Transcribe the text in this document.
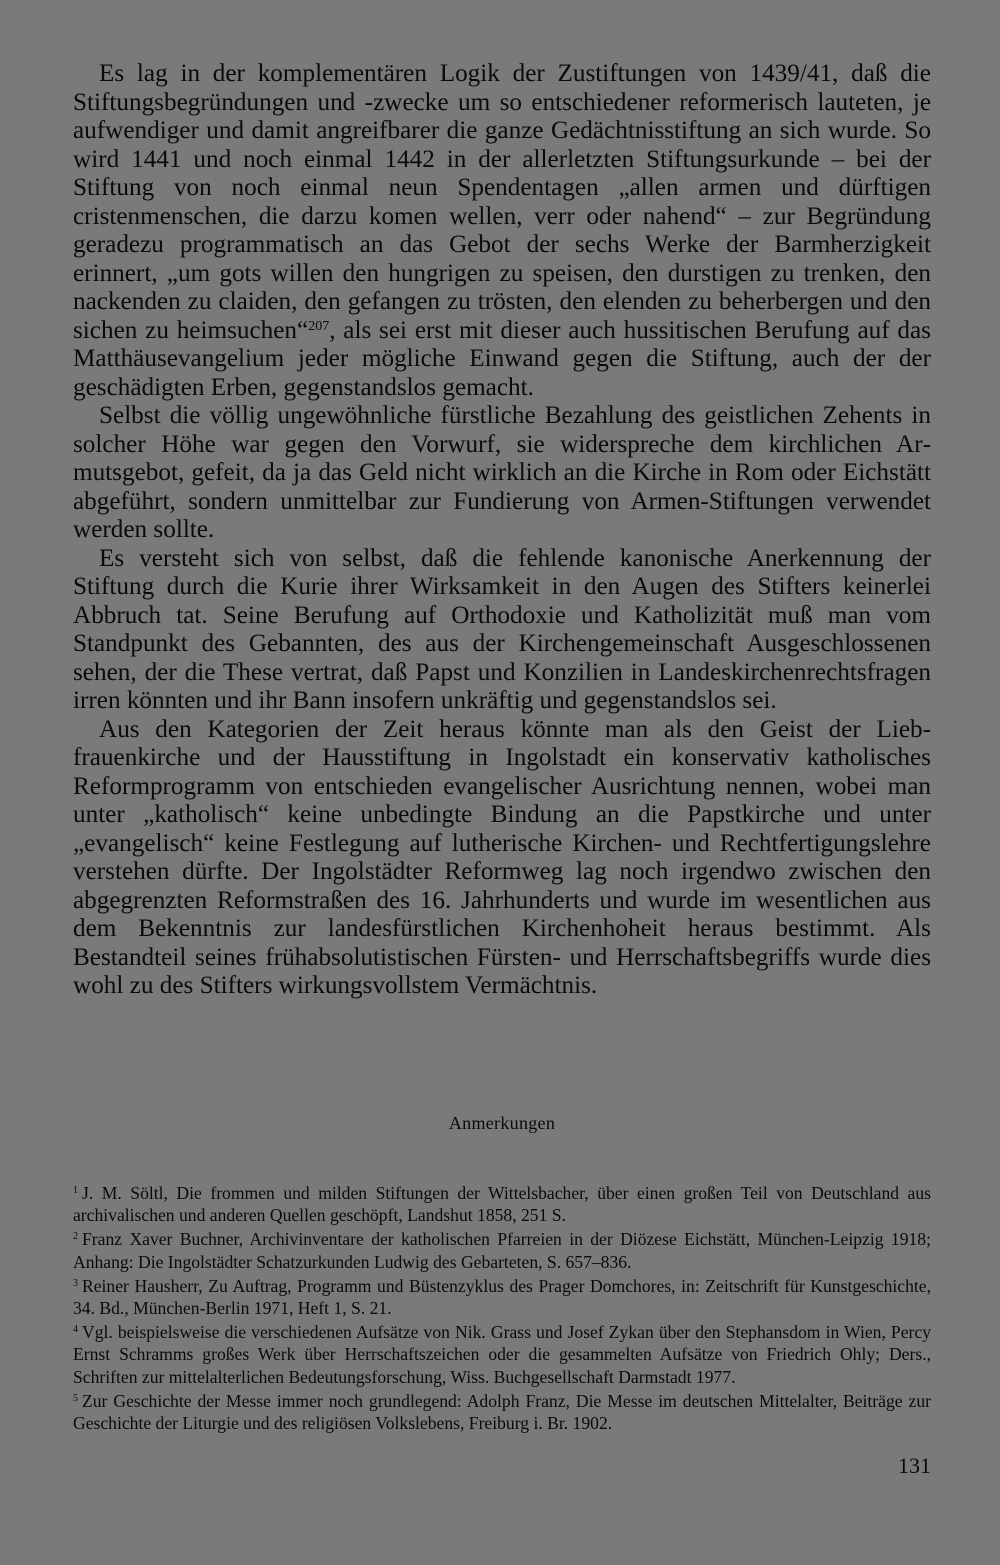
Es lag in der komplementären Logik der Zustiftungen von 1439/41, daß die Stiftungsbegründungen und -zwecke um so entschiedener reformerisch lauteten, je aufwendiger und damit angreifbarer die ganze Gedächtnisstiftung an sich wurde. So wird 1441 und noch einmal 1442 in der allerletzten Stiftungsurkunde – bei der Stiftung von noch einmal neun Spendentagen „allen armen und dürftigen cristenmenschen, die darzu komen wellen, verr oder nahend“ – zur Begründung geradezu programmatisch an das Gebot der sechs Werke der Barmherzigkeit erinnert, „um gots willen den hungrigen zu speisen, den durstigen zu trenken, den nackenden zu claiden, den gefangen zu trösten, den elenden zu beherbergen und den sichen zu heimsuchen“$^{207}$, als sei erst mit dieser auch hussitischen Berufung auf das Matthäusevangelium jeder mögliche Einwand gegen die Stiftung, auch der der geschädigten Erben, gegenstandslos gemacht.

Selbst die völlig ungewöhnliche fürstliche Bezahlung des geistlichen Zehents in solcher Höhe war gegen den Vorwurf, sie widerspreche dem kirchlichen Armutsgebot, gefeit, da ja das Geld nicht wirklich an die Kirche in Rom oder Eichstätt abgeführt, sondern unmittelbar zur Fundierung von Armen-Stiftungen verwendet werden sollte.

Es versteht sich von selbst, daß die fehlende kanonische Anerkennung der Stiftung durch die Kurie ihrer Wirksamkeit in den Augen des Stifters keinerlei Abbruch tat. Seine Berufung auf Orthodoxie und Katholizität muß man vom Standpunkt des Gebannten, des aus der Kirchengemeinschaft Ausgeschlossenen sehen, der die These vertrat, daß Papst und Konzilien in Landeskirchenrechtsfragen irren könnten und ihr Bann insofern unkräftig und gegenstandslos sei.

Aus den Kategorien der Zeit heraus könnte man als den Geist der Liebfrauenkirche und der Hausstiftung in Ingolstadt ein konservativ katholisches Reformprogramm von entschieden evangelischer Ausrichtung nennen, wobei man unter „katholisch“ keine unbedingte Bindung an die Papstkirche und unter „evangelisch“ keine Festlegung auf lutherische Kirchen- und Rechtfertigungslehre verstehen dürfte. Der Ingolstädter Reformweg lag noch irgendwo zwischen den abgegrenzten Reformstraßen des 16. Jahrhunderts und wurde im wesentlichen aus dem Bekenntnis zur landesfürstlichen Kirchenhoheit heraus bestimmt. Als Bestandteil seines frühabsolutistischen Fürsten- und Herrschaftsbegriffs wurde dies wohl zu des Stifters wirkungsvollstem Vermächtnis.

Anmerkungen

$^1$ J. M. Söltl, Die frommen und milden Stiftungen der Wittelsbacher, über einen großen Teil von Deutschland aus archivalischen und anderen Quellen geschöpft, Landshut 1858, 251 S.

$^2$ Franz Xaver Buchner, Archivinventare der katholischen Pfarreien in der Diözese Eichstätt, München-Leipzig 1918; Anhang: Die Ingolstädter Schatzurkunden Ludwig des Gebarteten, S. 657–836.

$^3$ Reiner Hausherr, Zu Auftrag, Programm und Büstenzyklus des Prager Domchores, in: Zeitschrift für Kunstgeschichte, 34. Bd., München-Berlin 1971, Heft 1, S. 21.

$^4$ Vgl. beispielsweise die verschiedenen Aufsätze von Nik. Grass und Josef Zykan über den Stephansdom in Wien, Percy Ernst Schramms großes Werk über Herrschaftszeichen oder die gesammelten Aufsätze von Friedrich Ohly; Ders., Schriften zur mittelalterlichen Bedeutungsforschung, Wiss. Buchgesellschaft Darmstadt 1977.

$^5$ Zur Geschichte der Messe immer noch grundlegend: Adolph Franz, Die Messe im deutschen Mittelalter, Beiträge zur Geschichte der Liturgie und des religiösen Volkslebens, Freiburg i. Br. 1902.

131
